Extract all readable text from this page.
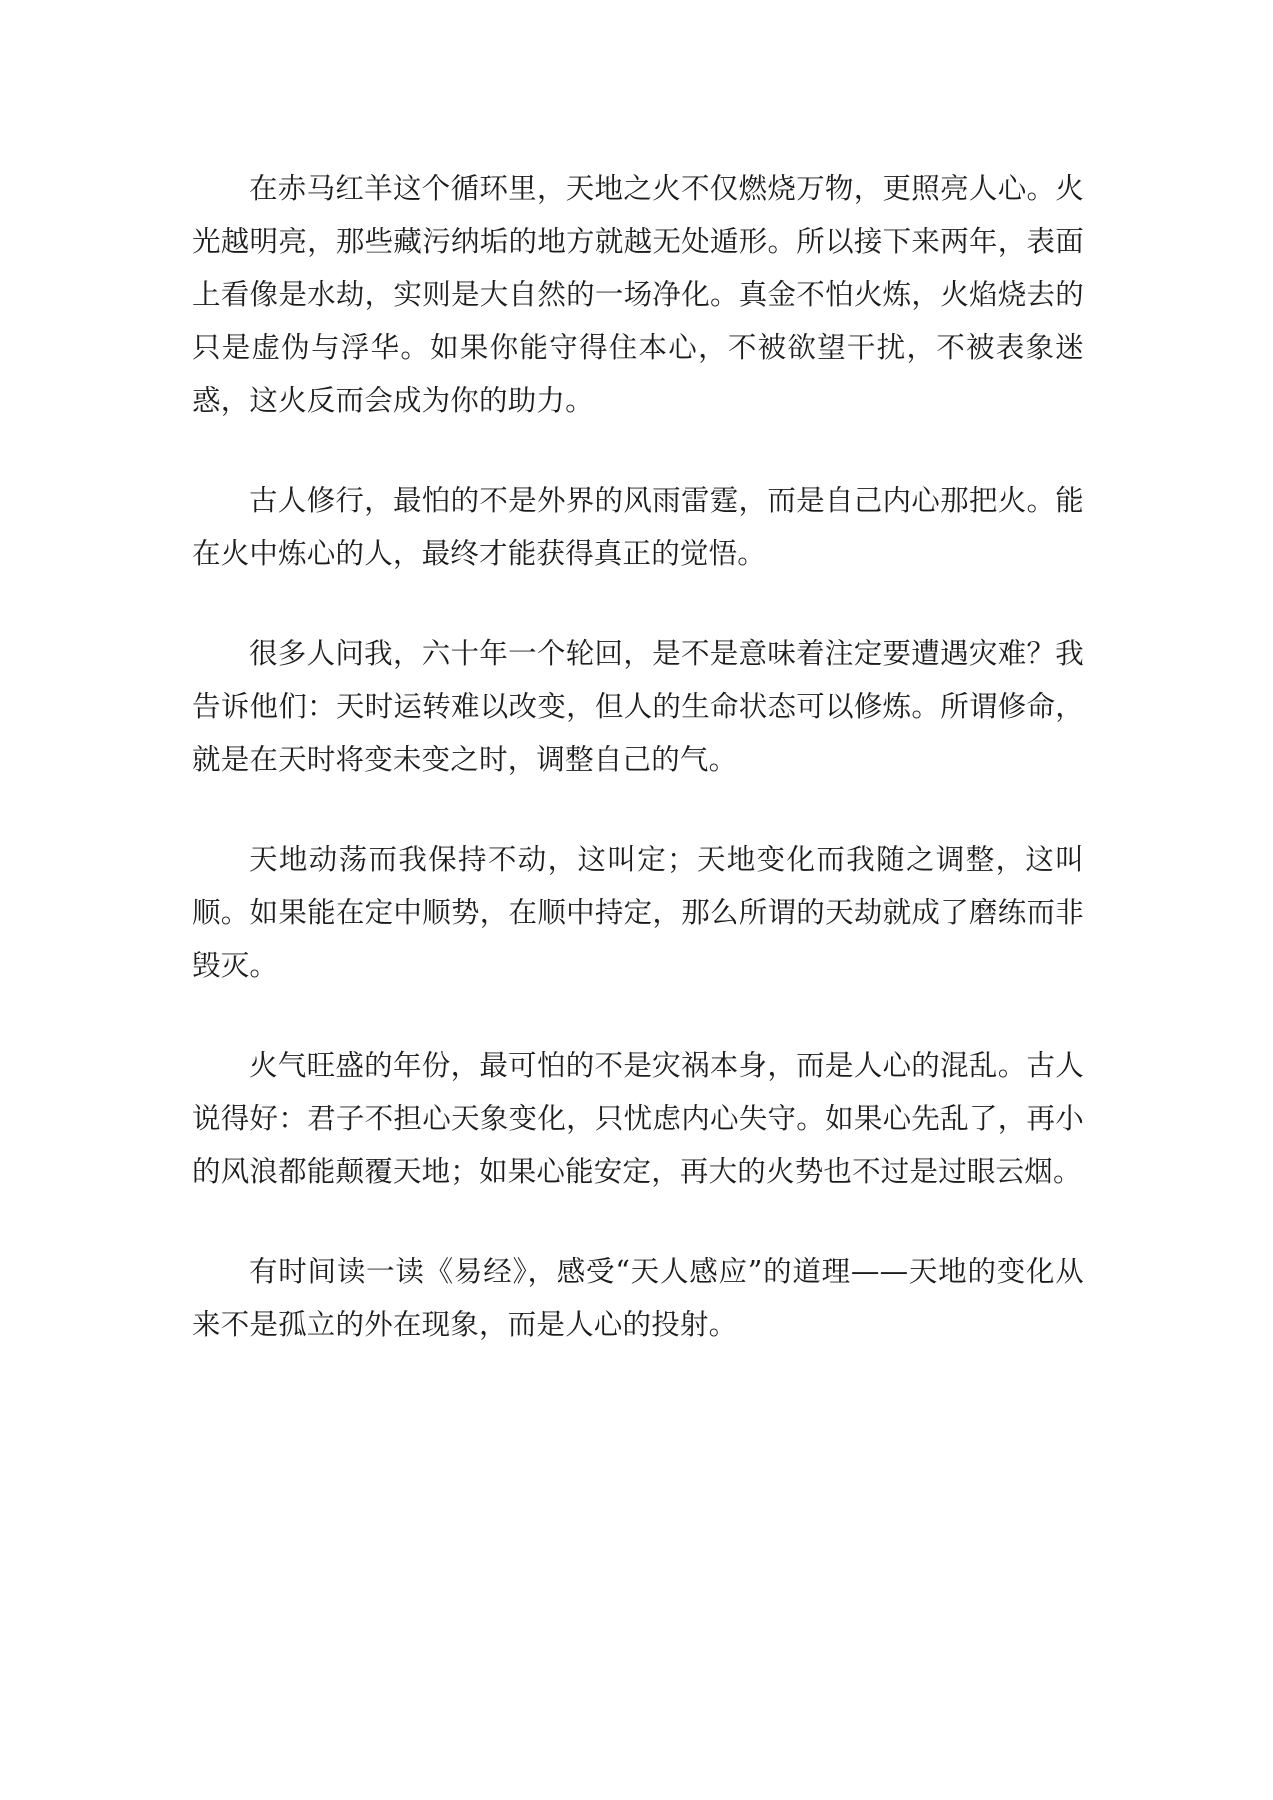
在赤马红羊这个循环里，天地之火不仅燃烧万物，更照亮人心。火光越明亮，那些藏污纳垢的地方就越无处遁形。所以接下来两年，表面上看像是水劫，实则是大自然的一场净化。真金不怕火炼，火焰烧去的只是虚伪与浮华。如果你能守得住本心，不被欲望干扰，不被表象迷惑，这火反而会成为你的助力。

古人修行，最怕的不是外界的风雨雷霆，而是自己内心那把火。能在火中炼心的人，最终才能获得真正的觉悟。

很多人问我，六十年一个轮回，是不是意味着注定要遭遇灾难？我告诉他们：天时运转难以改变，但人的生命状态可以修炼。所谓修命，就是在天时将变未变之时，调整自己的气。

天地动荡而我保持不动，这叫定；天地变化而我随之调整，这叫顺。如果能在定中顺势，在顺中持定，那么所谓的天劫就成了磨练而非毁灭。

火气旺盛的年份，最可怕的不是灾祸本身，而是人心的混乱。古人说得好：君子不担心天象变化，只忧虑内心失守。如果心先乱了，再小的风浪都能颠覆天地；如果心能安定，再大的火势也不过是过眼云烟。

有时间读一读《易经》，感受“天人感应”的道理——天地的变化从来不是孤立的外在现象，而是人心的投射。
